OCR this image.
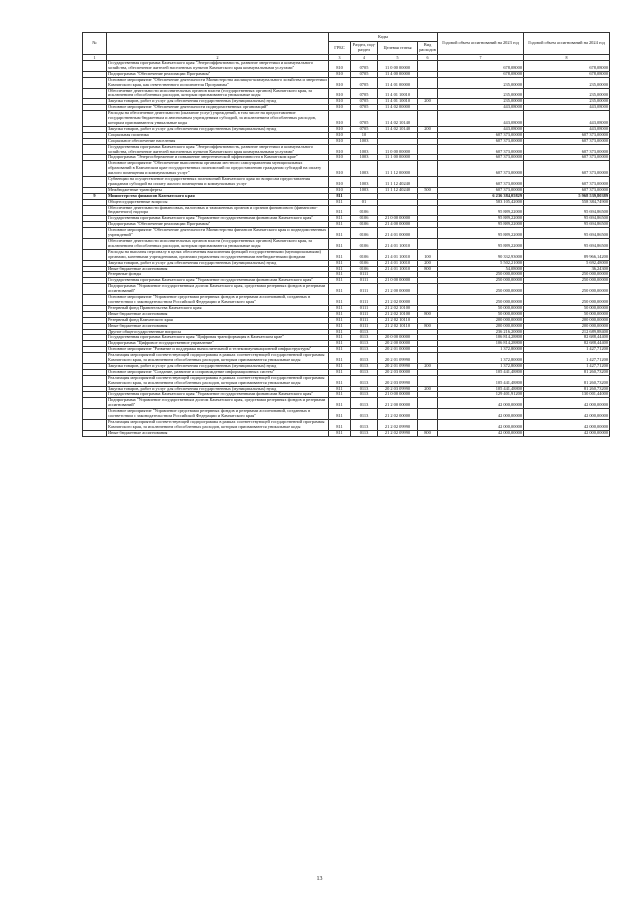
№		Коды				Годовой объем ассигнований на 2023 год	Годовой объем ассигнований на 2024 год
		ГРБС	Раздел, под-раздел	Целевая статья	Вид расходов		
1	2	3	4	5	6	7	8
	Государственная программа Камчатского края "Энергоэффективность, развитие энергетики и коммунального хозяйства, обеспечение жителей населенных пунктов Камчатского края коммунальными услугами"	810	0705	11 0 00 00000		678,08000	678,08000
	Подпрограмма "Обеспечение реализации Программы"	810	0705	11 4 00 00000		678,08000	678,08000
	Основное мероприятие "Обеспечение деятельности Министерства жилищно-коммунального хозяйства и энергетики Камчатского края, как ответственного исполнителя Программы"	810	0705	11 4 01 00000		235,00000	235,00000
	Обеспечение деятельности исполнительных органов власти (государственных органов) Камчатского края, за исключением обособленных расходов, которым присваиваются уникальные коды	810	0705	11 4 01 10010		235,00000	235,00000
	Закупка товаров, работ и услуг для обеспечения государственных (муниципальных) нужд	810	0705	11 4 01 10010	200	235,00000	235,00000
	Основное мероприятие "Обеспечение деятельности подведомственных организаций"	810	0705	11 4 02 00000		443,08000	443,08000
	Расходы на обеспечение деятельности (оказание услуг) учреждений, в том числе на предоставление государственным бюджетным и автономным учреждениям субсидий, за исключением обособленных расходов, которым присваиваются уникальные коды	810	0705	11 4 02 10140		443,08000	443,08000
	Закупка товаров, работ и услуг для обеспечения государственных (муниципальных) нужд	810	0705	11 4 02 10140	200	443,08000	443,08000
	Социальная политика	810	10			607 373,00000	607 373,00000
	Социальное обеспечение населения	810	1003			607 373,00000	607 373,00000
	Государственная программа Камчатского края "Энергоэффективность, развитие энергетики и коммунального хозяйства, обеспечение жителей населенных пунктов Камчатского края коммунальными услугами"	810	1003	11 0 00 00000		607 373,00000	607 373,00000
	Подпрограмма "Энергосбережение и повышение энергетической эффективности в Камчатском крае"	810	1003	11 1 00 00000		607 373,00000	607 373,00000
	Основное мероприятие "Обеспечение выполнения органами местного самоуправления муниципальных образований в Камчатском крае государственных полномочий по предоставлению гражданам субсидий на оплату жилого помещения и коммунальных услуг"	810	1003	11 1 12 00000		607 373,00000	607 373,00000
	Субвенции на осуществление государственных полномочий Камчатского края по вопросам предоставления гражданам субсидий на оплату жилого помещения и коммунальных услуг	810	1003	11 1 12 40240		607 373,00000	607 373,00000
	Межбюджетные трансферты	810	1003	11 1 12 40240	500	607 373,00000	607 373,00000
9	Министерство финансов Камчатского края	811				6 236 384,05829	5 968 539,80389
	Общегосударственные вопросы	811	01			583 105,42000	558 384,74900
	Обеспечение деятельности финансовых, налоговых и таможенных органов и органов финансового (финансово-бюджетного) надзора	811	0106			95 889,22000	95 694,86500
	Государственная программа Камчатского края "Управление государственными финансами Камчатского края"	811	0106	21 0 00 00000		95 889,22000	95 694,86500
	Подпрограмма "Обеспечение реализации Программы"	811	0106	21 4 00 00000		95 889,22000	95 694,86500
	Основное мероприятие "Обеспечение деятельности Министерства финансов Камчатского края и подведомственных учреждений"	811	0106	21 4 01 00000		95 889,22000	95 694,86500
	Обеспечение деятельности исполнительных органов власти (государственных органов) Камчатского края, за исключением обособленных расходов, которым присваиваются уникальные коды	811	0106	21 4 01 10010		95 889,22000	95 694,86500
	Расходы на выплаты персоналу в целях обеспечения выполнения функций государственными (муниципальными) органами, казенными учреждениями, органами управления государственными внебюджетными фондами	811	0106	21 4 01 10010	100	90 332,93000	89 966,14200
	Закупка товаров, работ и услуг для обеспечения государственных (муниципальных) нужд	811	0106	21 4 01 10010	200	5 502,21000	5 692,48000
	Иные бюджетные ассигнования	811	0106	21 4 01 10010	800	54,08000	36,24300
	Резервные фонды	811	0111			250 000,00000	250 000,00000
	Государственная программа Камчатского края "Управление государственными финансами Камчатского края"	811	0111	21 0 00 00000		250 000,00000	250 000,00000
	Подпрограмма "Управление государственным долгом Камчатского края, средствами резервных фондов и резервами ассигнований"	811	0111	21 2 00 00000		250 000,00000	250 000,00000
	Основное мероприятие "Управление средствами резервных фондов и резервами ассигнований, созданных в соответствии с законодательством Российской Федерации и Камчатского края"	811	0111	21 2 02 00000		250 000,00000	250 000,00000
	Резервный фонд Правительства Камчатского края	811	0111	21 2 02 10100		50 000,00000	50 000,00000
	Иные бюджетные ассигнования	811	0111	21 2 02 10100	800	50 000,00000	50 000,00000
	Резервный фонд Камчатского края	811	0111	21 2 02 10110		200 000,00000	200 000,00000
	Иные бюджетные ассигнования	811	0111	21 2 02 10110	800	200 000,00000	200 000,00000
	Другие общегосударственные вопросы	811	0113			236 216,20000	212 689,88400
	Государственная программа Камчатского края "Цифровая трансформация в Камчатском крае"	811	0113	20 0 00 00000		106 814,28800	82 688,44400
	Подпрограмма "Цифровое государственное управление"	811	0113	20 2 00 00000		106 814,28800	82 688,44400
	Основное мероприятие "Развитие и поддержка вычислительной и телекоммуникационной инфраструктуры"	811	0113	20 2 01 00000		1 372,80000	1 427,71200
	Реализация мероприятий соответствующей подпрограммы в рамках соответствующей государственной программы Камчатского края, за исключением обособленных расходов, которым присваиваются уникальные коды	811	0113	20 2 01 09990		1 372,80000	1 427,71200
	Закупка товаров, работ и услуг для обеспечения государственных (муниципальных) нужд	811	0113	20 2 01 09990	200	1 372,80000	1 427,71200
	Основное мероприятие "Создание, развитие и сопровождение информационных систем"	811	0113	20 2 03 00000		105 441,48800	81 260,73200
	Реализация мероприятий соответствующей подпрограммы в рамках соответствующей государственной программы Камчатского края, за исключением обособленных расходов, которым присваиваются уникальные коды	811	0113	20 2 03 09990		105 441,48800	81 260,73200
	Закупка товаров, работ и услуг для обеспечения государственных (муниципальных) нужд	811	0113	20 2 03 09990	200	105 441,48800	81 260,73200
	Государственная программа Камчатского края "Управление государственными финансами Камчатского края"	811	0113	21 0 00 00000		129 401,91200	130 001,44000
	Подпрограмма "Управление государственным долгом Камчатского края, средствами резервных фондов и резервами ассигнований"	811	0113	21 2 00 00000		42 000,00000	42 000,00000
	Основное мероприятие "Управление средствами резервных фондов и резервами ассигнований, созданных в соответствии с законодательством Российской Федерации и Камчатского края"	811	0113	21 2 02 00000		42 000,00000	42 000,00000
	Реализация мероприятий соответствующей подпрограммы в рамках соответствующей государственной программы Камчатского края, за исключением обособленных расходов, которым присваиваются уникальные коды	811	0113	21 2 02 09990		42 000,00000	42 000,00000
	Иные бюджетные ассигнования	811	0113	21 2 02 09990	800	42 000,00000	42 000,00000
13
